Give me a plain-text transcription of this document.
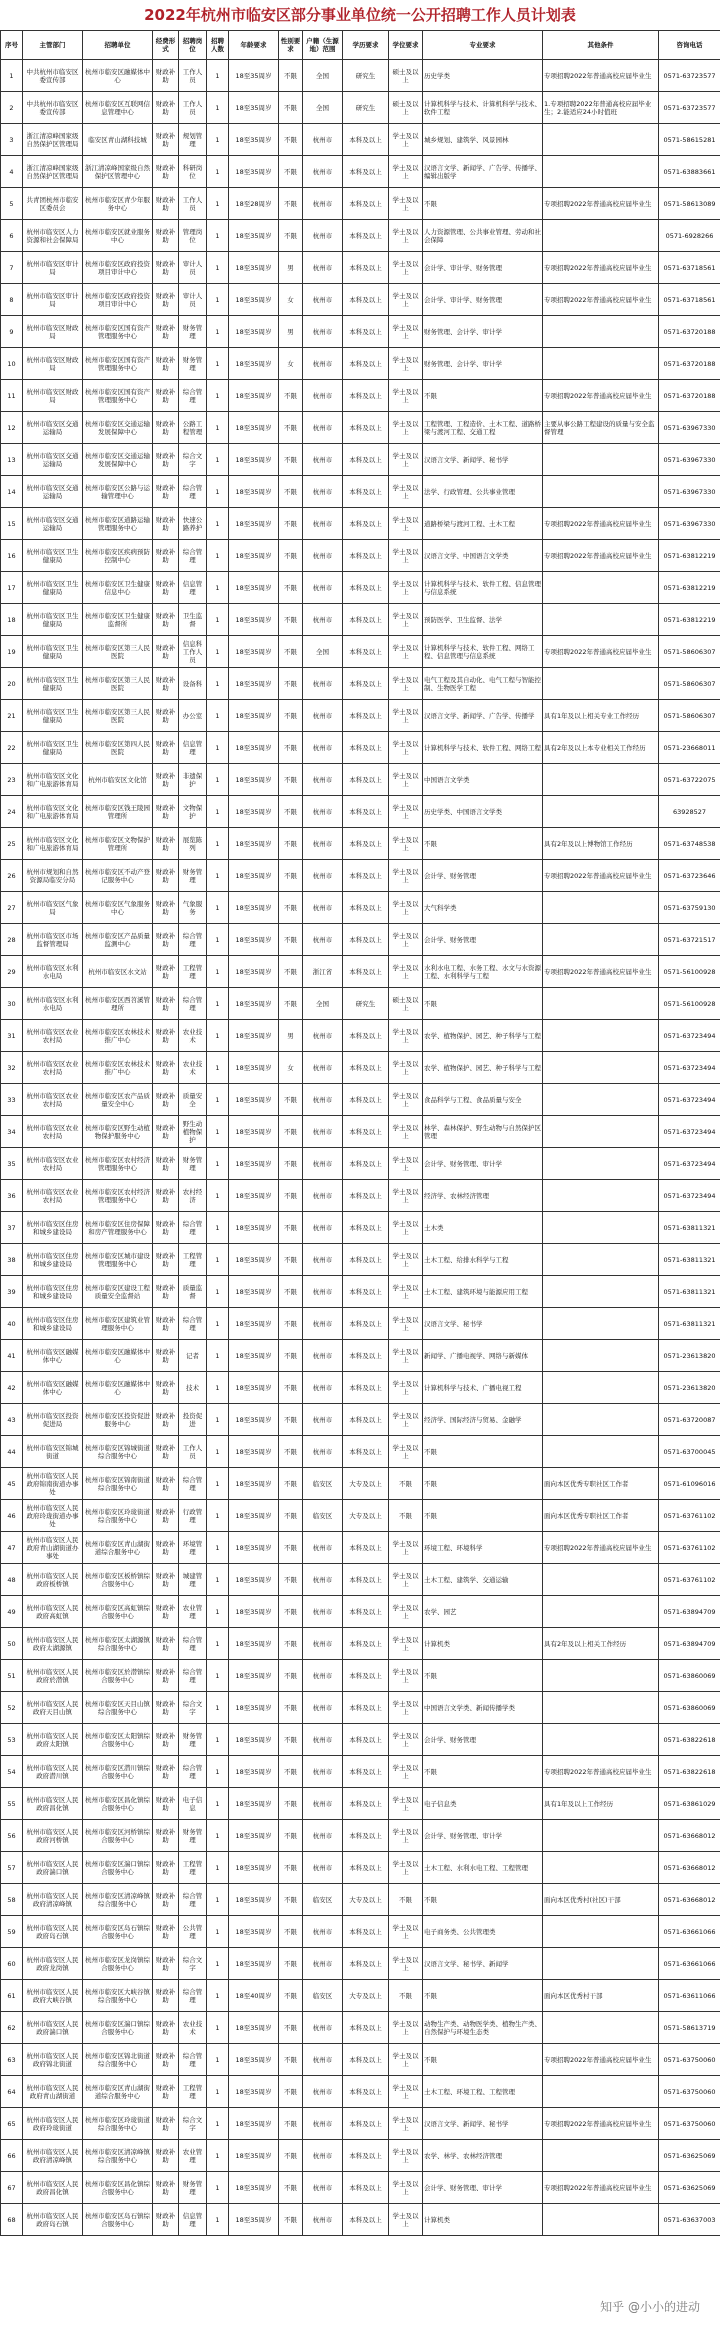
2022年杭州市临安区部分事业单位统一公开招聘工作人员计划表
序号	主管部门	招聘单位	经费形式	招聘岗位	招聘人数	年龄要求	性别要求	户籍（生源地）范围	学历要求	学位要求	专业要求	其他条件	咨询电话
1	中共杭州市临安区委宣传部	杭州市临安区融媒体中心	财政补助	工作人员	1	18至35周岁	不限	全国	研究生	硕士及以上	历史学类	专项招聘2022年普通高校应届毕业生	0571-63723577
2	中共杭州市临安区委宣传部	杭州市临安区互联网信息管理中心	财政补助	工作人员	1	18至35周岁	不限	全国	研究生	硕士及以上	计算机科学与技术、计算机科学与技术、软件工程	1.专项招聘2022年普通高校应届毕业生；2.能适应24小时值班	0571-63723577
3	浙江清凉峰国家级自然保护区管理局	临安区青山湖科技城	财政补助	规划管理	1	18至35周岁	不限	杭州市	本科及以上	学士及以上	城乡规划、建筑学、风景园林		0571-58615281
4	浙江清凉峰国家级自然保护区管理局	浙江清凉峰国家级自然保护区管理中心	财政补助	科研岗位	1	18至35周岁	不限	杭州市	本科及以上	学士及以上	汉语言文学、新闻学、广告学、传播学、编辑出版学		0571-63883661
5	共青团杭州市临安区委员会	杭州市临安区青少年服务中心	财政补助	工作人员	1	18至28周岁	不限	杭州市	本科及以上	学士及以上	不限	专项招聘2022年普通高校应届毕业生	0571-58613089
6	杭州市临安区人力资源和社会保障局	杭州市临安区就业服务中心	财政补助	管理岗位	1	18至35周岁	不限	杭州市	本科及以上	学士及以上	人力资源管理、公共事业管理、劳动和社会保障		0571-6928266
7	杭州市临安区审计局	杭州市临安区政府投资项目审计中心	财政补助	审计人员	1	18至35周岁	男	杭州市	本科及以上	学士及以上	会计学、审计学、财务管理	专项招聘2022年普通高校应届毕业生	0571-63718561
8	杭州市临安区审计局	杭州市临安区政府投资项目审计中心	财政补助	审计人员	1	18至35周岁	女	杭州市	本科及以上	学士及以上	会计学、审计学、财务管理	专项招聘2022年普通高校应届毕业生	0571-63718561
9	杭州市临安区财政局	杭州市临安区国有资产管理服务中心	财政补助	财务管理	1	18至35周岁	男	杭州市	本科及以上	学士及以上	财务管理、会计学、审计学		0571-63720188
10	杭州市临安区财政局	杭州市临安区国有资产管理服务中心	财政补助	财务管理	1	18至35周岁	女	杭州市	本科及以上	学士及以上	财务管理、会计学、审计学		0571-63720188
11	杭州市临安区财政局	杭州市临安区国有资产管理服务中心	财政补助	综合管理	1	18至35周岁	不限	杭州市	本科及以上	学士及以上	不限	专项招聘2022年普通高校应届毕业生	0571-63720188
12	杭州市临安区交通运输局	杭州市临安区交通运输发展保障中心	财政补助	公路工程管理	1	18至35周岁	不限	杭州市	本科及以上	学士及以上	工程管理、工程造价、土木工程、道路桥梁与渡河工程、交通工程	主要从事公路工程建设的质量与安全监督管理	0571-63967330
13	杭州市临安区交通运输局	杭州市临安区交通运输发展保障中心	财政补助	综合文字	1	18至35周岁	不限	杭州市	本科及以上	学士及以上	汉语言文学、新闻学、秘书学		0571-63967330
14	杭州市临安区交通运输局	杭州市临安区公路与运输管理中心	财政补助	综合管理	1	18至35周岁	不限	杭州市	本科及以上	学士及以上	法学、行政管理、公共事业管理		0571-63967330
15	杭州市临安区交通运输局	杭州市临安区道路运输管理服务中心	财政补助	快速公路养护	1	18至35周岁	不限	杭州市	本科及以上	学士及以上	道路桥梁与渡河工程、土木工程	专项招聘2022年普通高校应届毕业生	0571-63967330
16	杭州市临安区卫生健康局	杭州市临安区疾病预防控制中心	财政补助	综合管理	1	18至35周岁	不限	杭州市	本科及以上	学士及以上	汉语言文学、中国语言文学类	专项招聘2022年普通高校应届毕业生	0571-63812219
17	杭州市临安区卫生健康局	杭州市临安区卫生健康信息中心	财政补助	信息管理	1	18至35周岁	不限	杭州市	本科及以上	学士及以上	计算机科学与技术、软件工程、信息管理与信息系统		0571-63812219
18	杭州市临安区卫生健康局	杭州市临安区卫生健康监督所	财政补助	卫生监督	1	18至35周岁	不限	杭州市	本科及以上	学士及以上	预防医学、卫生监督、法学		0571-63812219
19	杭州市临安区卫生健康局	杭州市临安区第三人民医院	财政补助	信息科工作人员	1	18至35周岁	不限	全国	本科及以上	学士及以上	计算机科学与技术、软件工程、网络工程、信息管理与信息系统	专项招聘2022年普通高校应届毕业生	0571-58606307
20	杭州市临安区卫生健康局	杭州市临安区第三人民医院	财政补助	设备科	1	18至35周岁	不限	杭州市	本科及以上	学士及以上	电气工程及其自动化、电气工程与智能控制、生物医学工程		0571-58606307
21	杭州市临安区卫生健康局	杭州市临安区第三人民医院	财政补助	办公室	1	18至35周岁	不限	杭州市	本科及以上	学士及以上	汉语言文学、新闻学、广告学、传播学	具有1年及以上相关专业工作经历	0571-58606307
22	杭州市临安区卫生健康局	杭州市临安区第四人民医院	财政补助	信息管理	1	18至35周岁	不限	杭州市	本科及以上	学士及以上	计算机科学与技术、软件工程、网络工程	具有2年及以上本专业相关工作经历	0571-23668011
23	杭州市临安区文化和广电旅游体育局	杭州市临安区文化馆	财政补助	非遗保护	1	18至35周岁	不限	杭州市	本科及以上	学士及以上	中国语言文学类		0571-63722075
24	杭州市临安区文化和广电旅游体育局	杭州市临安区钱王陵园管理所	财政补助	文物保护	1	18至35周岁	不限	杭州市	本科及以上	学士及以上	历史学类、中国语言文学类		63928527
25	杭州市临安区文化和广电旅游体育局	杭州市临安区文物保护管理所	财政补助	展览陈列	1	18至35周岁	不限	杭州市	本科及以上	学士及以上	不限	具有2年及以上博物馆工作经历	0571-63748538
26	杭州市规划和自然资源局临安分局	杭州市临安区不动产登记服务中心	财政补助	财务管理	1	18至35周岁	不限	杭州市	本科及以上	学士及以上	会计学、财务管理	专项招聘2022年普通高校应届毕业生	0571-63723646
27	杭州市临安区气象局	杭州市临安区气象服务中心	财政补助	气象服务	1	18至35周岁	不限	杭州市	本科及以上	学士及以上	大气科学类		0571-63759130
28	杭州市临安区市场监督管理局	杭州市临安区产品质量监测中心	财政补助	综合管理	1	18至35周岁	不限	杭州市	本科及以上	学士及以上	会计学、财务管理		0571-63721517
29	杭州市临安区水利水电局	杭州市临安区水文站	财政补助	工程管理	1	18至35周岁	不限	浙江省	本科及以上	学士及以上	水利水电工程、水务工程、水文与水资源工程、水利科学与工程	专项招聘2022年普通高校应届毕业生	0571-56100928
30	杭州市临安区水利水电局	杭州市临安区西苕溪管理所	财政补助	综合管理	1	18至35周岁	不限	全国	研究生	硕士及以上	不限		0571-56100928
31	杭州市临安区农业农村局	杭州市临安区农林技术推广中心	财政补助	农业技术	1	18至35周岁	男	杭州市	本科及以上	学士及以上	农学、植物保护、园艺、种子科学与工程		0571-63723494
32	杭州市临安区农业农村局	杭州市临安区农林技术推广中心	财政补助	农业技术	1	18至35周岁	女	杭州市	本科及以上	学士及以上	农学、植物保护、园艺、种子科学与工程		0571-63723494
33	杭州市临安区农业农村局	杭州市临安区农产品质量安全中心	财政补助	质量安全	1	18至35周岁	不限	杭州市	本科及以上	学士及以上	食品科学与工程、食品质量与安全		0571-63723494
34	杭州市临安区农业农村局	杭州市临安区野生动植物保护服务中心	财政补助	野生动植物保护	1	18至35周岁	不限	杭州市	本科及以上	学士及以上	林学、森林保护、野生动物与自然保护区管理		0571-63723494
35	杭州市临安区农业农村局	杭州市临安区农村经济管理服务中心	财政补助	财务管理	1	18至35周岁	不限	杭州市	本科及以上	学士及以上	会计学、财务管理、审计学		0571-63723494
36	杭州市临安区农业农村局	杭州市临安区农村经济管理服务中心	财政补助	农村经济	1	18至35周岁	不限	杭州市	本科及以上	学士及以上	经济学、农林经济管理		0571-63723494
37	杭州市临安区住房和城乡建设局	杭州市临安区住房保障和房产管理服务中心	财政补助	综合管理	1	18至35周岁	不限	杭州市	本科及以上	学士及以上	土木类		0571-63811321
38	杭州市临安区住房和城乡建设局	杭州市临安区城市建设管理服务中心	财政补助	工程管理	1	18至35周岁	不限	杭州市	本科及以上	学士及以上	土木工程、给排水科学与工程		0571-63811321
39	杭州市临安区住房和城乡建设局	杭州市临安区建设工程质量安全监督站	财政补助	质量监督	1	18至35周岁	不限	杭州市	本科及以上	学士及以上	土木工程、建筑环境与能源应用工程		0571-63811321
40	杭州市临安区住房和城乡建设局	杭州市临安区建筑业管理服务中心	财政补助	综合管理	1	18至35周岁	不限	杭州市	本科及以上	学士及以上	汉语言文学、秘书学		0571-63811321
41	杭州市临安区融媒体中心	杭州市临安区融媒体中心	财政补助	记者	1	18至35周岁	不限	杭州市	本科及以上	学士及以上	新闻学、广播电视学、网络与新媒体		0571-23613820
42	杭州市临安区融媒体中心	杭州市临安区融媒体中心	财政补助	技术	1	18至35周岁	不限	杭州市	本科及以上	学士及以上	计算机科学与技术、广播电视工程		0571-23613820
43	杭州市临安区投资促进局	杭州市临安区投资促进服务中心	财政补助	投资促进	1	18至35周岁	不限	杭州市	本科及以上	学士及以上	经济学、国际经济与贸易、金融学		0571-63720087
44	杭州市临安区锦城街道	杭州市临安区锦城街道综合服务中心	财政补助	工作人员	1	18至35周岁	不限	杭州市	本科及以上	学士及以上	不限		0571-63700045
45	杭州市临安区人民政府锦南街道办事处	杭州市临安区锦南街道综合服务中心	财政补助	综合管理	1	18至35周岁	不限	临安区	大专及以上	不限	不限	面向本区优秀专职社区工作者	0571-61096016
46	杭州市临安区人民政府玲珑街道办事处	杭州市临安区玲珑街道综合服务中心	财政补助	行政管理	1	18至35周岁	不限	临安区	大专及以上	不限	不限	面向本区优秀专职社区工作者	0571-63761102
47	杭州市临安区人民政府青山湖街道办事处	杭州市临安区青山湖街道综合服务中心	财政补助	环境管理	1	18至35周岁	不限	杭州市	本科及以上	学士及以上	环境工程、环境科学	专项招聘2022年普通高校应届毕业生	0571-63761102
48	杭州市临安区人民政府板桥镇	杭州市临安区板桥镇综合服务中心	财政补助	城建管理	1	18至35周岁	不限	杭州市	本科及以上	学士及以上	土木工程、建筑学、交通运输		0571-63761102
49	杭州市临安区人民政府高虹镇	杭州市临安区高虹镇综合服务中心	财政补助	农业管理	1	18至35周岁	不限	杭州市	本科及以上	学士及以上	农学、园艺		0571-63894709
50	杭州市临安区人民政府太湖源镇	杭州市临安区太湖源镇综合服务中心	财政补助	综合管理	1	18至35周岁	不限	杭州市	本科及以上	学士及以上	计算机类	具有2年及以上相关工作经历	0571-63894709
51	杭州市临安区人民政府於潜镇	杭州市临安区於潜镇综合服务中心	财政补助	综合管理	1	18至35周岁	不限	杭州市	本科及以上	学士及以上	不限		0571-63860069
52	杭州市临安区人民政府天目山镇	杭州市临安区天目山镇综合服务中心	财政补助	综合文字	1	18至35周岁	不限	杭州市	本科及以上	学士及以上	中国语言文学类、新闻传播学类		0571-63860069
53	杭州市临安区人民政府太阳镇	杭州市临安区太阳镇综合服务中心	财政补助	财务管理	1	18至35周岁	不限	杭州市	本科及以上	学士及以上	会计学、财务管理		0571-63822618
54	杭州市临安区人民政府潜川镇	杭州市临安区潜川镇综合服务中心	财政补助	综合管理	1	18至35周岁	不限	杭州市	本科及以上	学士及以上	不限	专项招聘2022年普通高校应届毕业生	0571-63822618
55	杭州市临安区人民政府昌化镇	杭州市临安区昌化镇综合服务中心	财政补助	电子信息	1	18至35周岁	不限	杭州市	本科及以上	学士及以上	电子信息类	具有1年及以上工作经历	0571-63861029
56	杭州市临安区人民政府河桥镇	杭州市临安区河桥镇综合服务中心	财政补助	财务管理	1	18至35周岁	不限	杭州市	本科及以上	学士及以上	会计学、财务管理、审计学		0571-63668012
57	杭州市临安区人民政府湍口镇	杭州市临安区湍口镇综合服务中心	财政补助	工程管理	1	18至35周岁	不限	杭州市	本科及以上	学士及以上	土木工程、水利水电工程、工程管理		0571-63668012
58	杭州市临安区人民政府清凉峰镇	杭州市临安区清凉峰镇综合服务中心	财政补助	综合管理	1	18至35周岁	不限	临安区	大专及以上	不限	不限	面向本区优秀村(社区)干部	0571-63668012
59	杭州市临安区人民政府岛石镇	杭州市临安区岛石镇综合服务中心	财政补助	公共管理	1	18至35周岁	不限	杭州市	本科及以上	学士及以上	电子商务类、公共管理类		0571-63661066
60	杭州市临安区人民政府龙岗镇	杭州市临安区龙岗镇综合服务中心	财政补助	综合文字	1	18至35周岁	不限	杭州市	本科及以上	学士及以上	汉语言文学、秘书学、新闻学		0571-63661066
61	杭州市临安区人民政府大峡谷镇	杭州市临安区大峡谷镇综合服务中心	财政补助	综合管理	1	18至40周岁	不限	临安区	大专及以上	不限	不限	面向本区优秀村干部	0571-63611066
62	杭州市临安区人民政府湍口镇	杭州市临安区湍口镇综合服务中心	财政补助	农业技术	1	18至35周岁	不限	杭州市	本科及以上	学士及以上	动物生产类、动物医学类、植物生产类、自然保护与环境生态类		0571-58613719
63	杭州市临安区人民政府锦北街道	杭州市临安区锦北街道综合服务中心	财政补助	综合管理	1	18至35周岁	不限	杭州市	本科及以上	学士及以上	不限	专项招聘2022年普通高校应届毕业生	0571-63750060
64	杭州市临安区人民政府青山湖街道	杭州市临安区青山湖街道综合服务中心	财政补助	工程管理	1	18至35周岁	不限	杭州市	本科及以上	学士及以上	土木工程、环境工程、工程管理		0571-63750060
65	杭州市临安区人民政府玲珑街道	杭州市临安区玲珑街道综合服务中心	财政补助	综合文字	1	18至35周岁	不限	杭州市	本科及以上	学士及以上	汉语言文学、新闻学、秘书学	专项招聘2022年普通高校应届毕业生	0571-63750060
66	杭州市临安区人民政府清凉峰镇	杭州市临安区清凉峰镇综合服务中心	财政补助	农业管理	1	18至35周岁	不限	杭州市	本科及以上	学士及以上	农学、林学、农林经济管理		0571-63625069
67	杭州市临安区人民政府昌化镇	杭州市临安区昌化镇综合服务中心	财政补助	财务管理	1	18至35周岁	不限	杭州市	本科及以上	学士及以上	会计学、财务管理、审计学	专项招聘2022年普通高校应届毕业生	0571-63625069
68	杭州市临安区人民政府岛石镇	杭州市临安区岛石镇综合服务中心	财政补助	信息管理	1	18至35周岁	不限	杭州市	本科及以上	学士及以上	计算机类		0571-63637003
知乎 @小小的进动
